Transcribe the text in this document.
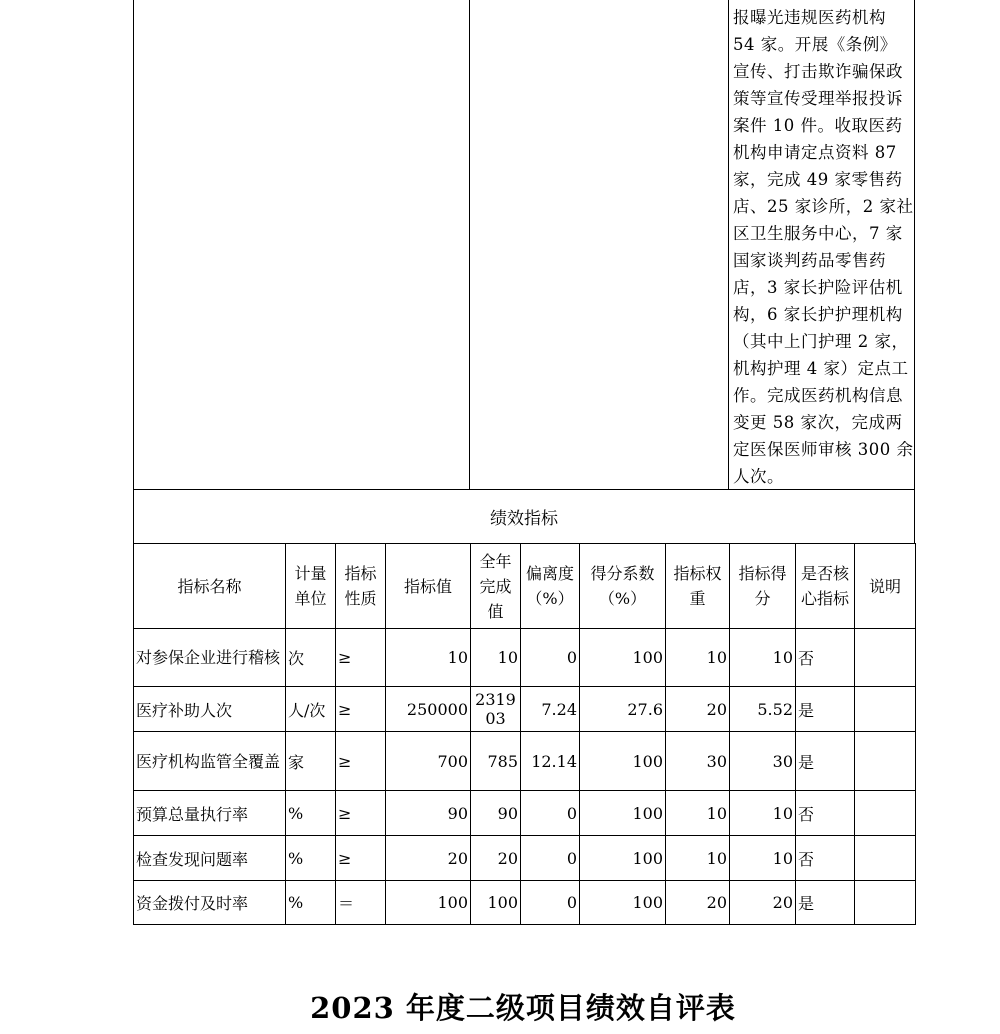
报曝光违规医药机构

54 家。开展《条例》

宣传、打击欺诈骗保政

策等宣传受理举报投诉

案件 10 件。收取医药

机构申请定点资料 87

家，完成 49 家零售药

店、25 家诊所，2 家社

区卫生服务中心，7 家

国家谈判药品零售药

店，3 家长护险评估机

构，6 家长护护理机构

（其中上门护理 2 家，

机构护理 4 家）定点工

作。完成医药机构信息

变更 58 家次，完成两

定医保医师审核 300 余

人次。

绩效指标
指标名称	计量单位	指标性质	指标值	全年完成值	偏离度（%）	得分系数（%）	指标权重	指标得分	是否核心指标	说明
对参保企业进行稽核	次	≥	10	10	0	100	10	10	否	
医疗补助人次	人/次	≥	250000	231903	7.24	27.6	20	5.52	是	
医疗机构监管全覆盖	家	≥	700	785	12.14	100	30	30	是	
预算总量执行率	%	≥	90	90	0	100	10	10	否	
检查发现问题率	%	≥	20	20	0	100	10	10	否	
资金拨付及时率	%	＝	100	100	0	100	20	20	是	
2023 年度二级项目绩效自评表
